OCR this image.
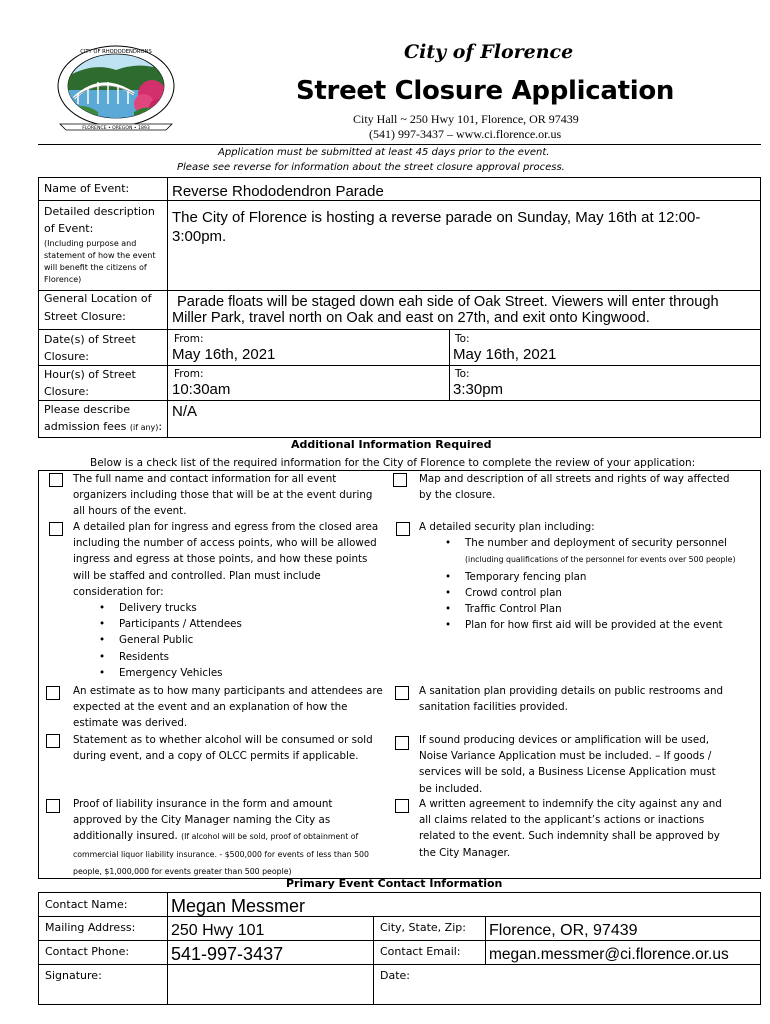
CITY OF RHODODENDRONS
FLORENCE • OREGON • 1893
City of Florence
Street Closure Application
City Hall ~ 250 Hwy 101, Florence, OR 97439
(541) 997-3437 – www.ci.florence.or.us
Application must be submitted at least 45 days prior to the event.
Please see reverse for information about the street closure approval process.
Name of Event:	Reverse Rhododendron Parade
Detailed description
of Event:
(Including purpose and statement of how the event will benefit the citizens of Florence)
The City of Florence is hosting a reverse parade on Sunday, May 16th at 12:00-3:00pm.
General Location of
Street Closure:
Parade floats will be staged down eah side of Oak Street. Viewers will enter through Miller Park, travel north on Oak and east on 27th, and exit onto Kingwood.
Date(s) of Street
Closure:
From:	To:
May 16th, 2021	May 16th, 2021
Hour(s) of Street
Closure:
From:	To:
10:30am	3:30pm
Please describe
admission fees (if any):
N/A
Additional Information Required
Below is a check list of the required information for the City of Florence to complete the review of your application:
The full name and contact information for all event organizers including those that will be at the event during all hours of the event.
A detailed plan for ingress and egress from the closed area including the number of access points, who will be allowed ingress and egress at those points, and how these points will be staffed and controlled. Plan must include consideration for:
• Delivery trucks
• Participants / Attendees
• General Public
• Residents
• Emergency Vehicles
An estimate as to how many participants and attendees are expected at the event and an explanation of how the estimate was derived.
Statement as to whether alcohol will be consumed or sold during event, and a copy of OLCC permits if applicable.
Proof of liability insurance in the form and amount approved by the City Manager naming the City as additionally insured. (If alcohol will be sold, proof of obtainment of commercial liquor liability insurance. - $500,000 for events of less than 500 people, $1,000,000 for events greater than 500 people)
Map and description of all streets and rights of way affected by the closure.
A detailed security plan including:
• The number and deployment of security personnel (including qualifications of the personnel for events over 500 people)
• Temporary fencing plan
• Crowd control plan
• Traffic Control Plan
• Plan for how first aid will be provided at the event
A sanitation plan providing details on public restrooms and sanitation facilities provided.
If sound producing devices or amplification will be used, Noise Variance Application must be included. – If goods / services will be sold, a Business License Application must be included.
A written agreement to indemnify the city against any and all claims related to the applicant’s actions or inactions related to the event. Such indemnity shall be approved by the City Manager.
Primary Event Contact Information
Contact Name: Megan Messmer
Mailing Address: 250 Hwy 101	City, State, Zip: Florence, OR, 97439
Contact Phone: 541-997-3437	Contact Email: megan.messmer@ci.florence.or.us
Signature:	Date:
